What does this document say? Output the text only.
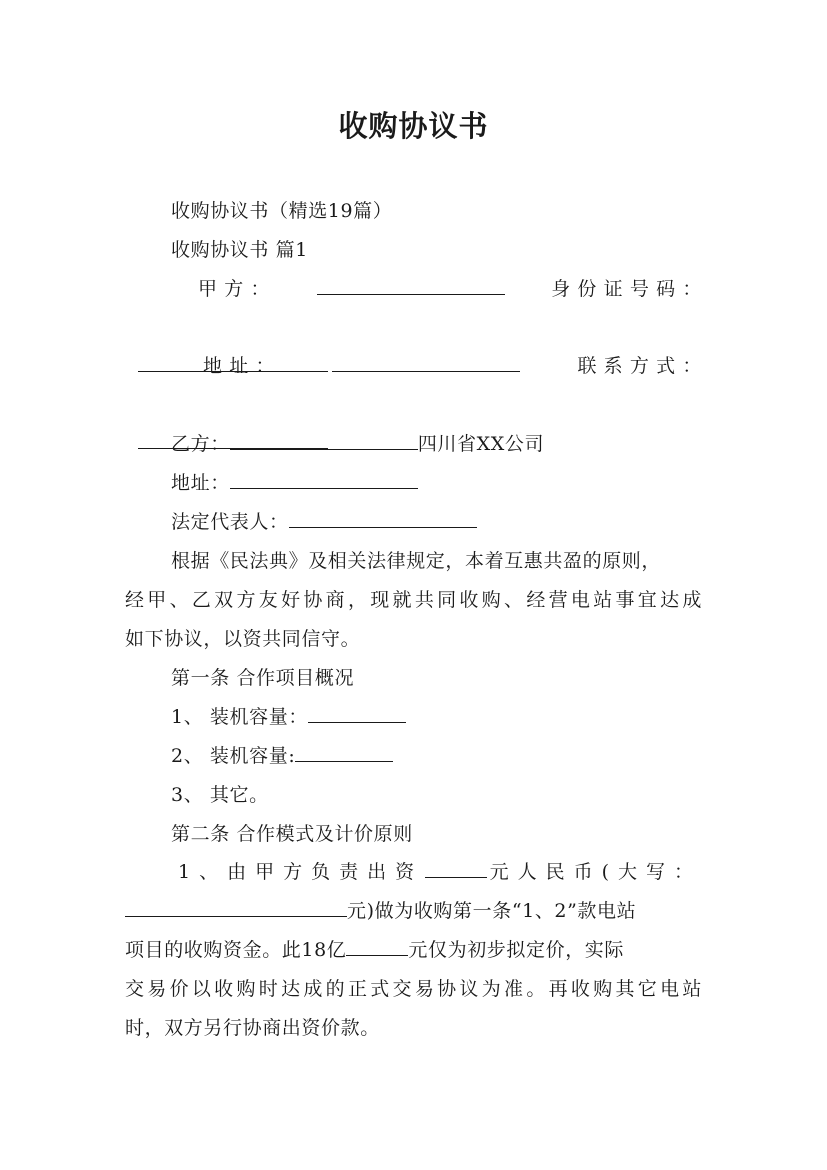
收购协议书
收购协议书（精选19篇）
收购协议书 篇1
甲 方 ：	身 份 证 号 码 ：

地 址 ：	联 系 方 式 ：

乙方：	四川省XX公司
地址：
法定代表人：
根据《民法典》及相关法律规定，本着互惠共盈的原则，
经甲、乙双方友好协商，现就共同收购、经营电站事宜达成
如下协议，以资共同信守。
第一条 合作项目概况
1、 装机容量：
2、 装机容量:
3、 其它。
第二条 合作模式及计价原则
1、由甲方负责出资	元人民币(大写：
元)做为收购第一条“1、2”款电站
项目的收购资金。此18亿	元仅为初步拟定价，实际
交易价以收购时达成的正式交易协议为准。再收购其它电站
时，双方另行协商出资价款。
